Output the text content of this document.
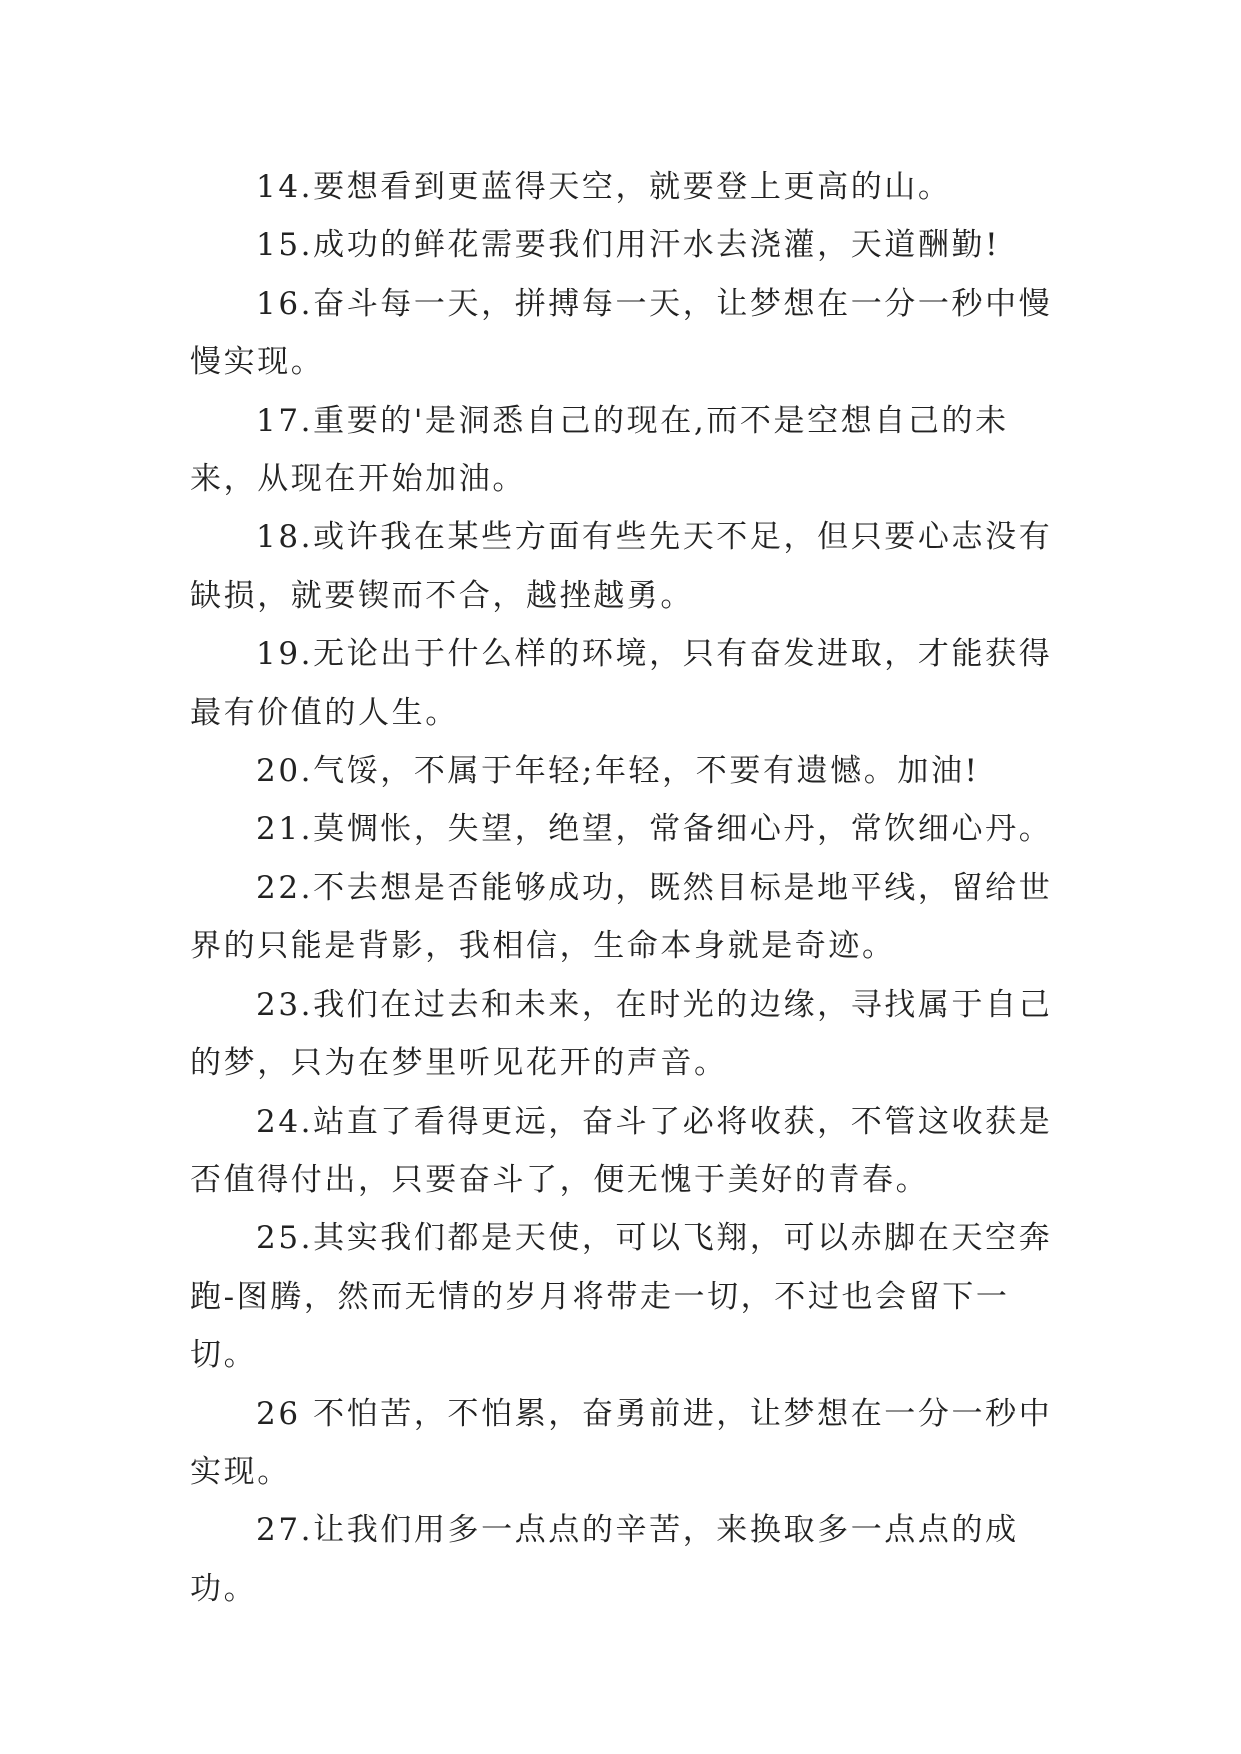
14.要想看到更蓝得天空，就要登上更高的山。

15.成功的鲜花需要我们用汗水去浇灌，天道酬勤!

16.奋斗每一天，拼搏每一天，让梦想在一分一秒中慢慢实现。

17.重要的'是洞悉自己的现在,而不是空想自己的未来，从现在开始加油。

18.或许我在某些方面有些先天不足，但只要心志没有缺损，就要锲而不合，越挫越勇。

19.无论出于什么样的环境，只有奋发进取，才能获得最有价值的人生。

20.气馁，不属于年轻;年轻，不要有遗憾。加油!

21.莫惆怅，失望，绝望，常备细心丹，常饮细心丹。

22.不去想是否能够成功，既然目标是地平线，留给世界的只能是背影，我相信，生命本身就是奇迹。

23.我们在过去和未来，在时光的边缘，寻找属于自己的梦，只为在梦里听见花开的声音。

24.站直了看得更远，奋斗了必将收获，不管这收获是否值得付出，只要奋斗了，便无愧于美好的青春。

25.其实我们都是天使，可以飞翔，可以赤脚在天空奔跑-图腾，然而无情的岁月将带走一切，不过也会留下一切。

26 不怕苦，不怕累，奋勇前进，让梦想在一分一秒中实现。

27.让我们用多一点点的辛苦，来换取多一点点的成功。
